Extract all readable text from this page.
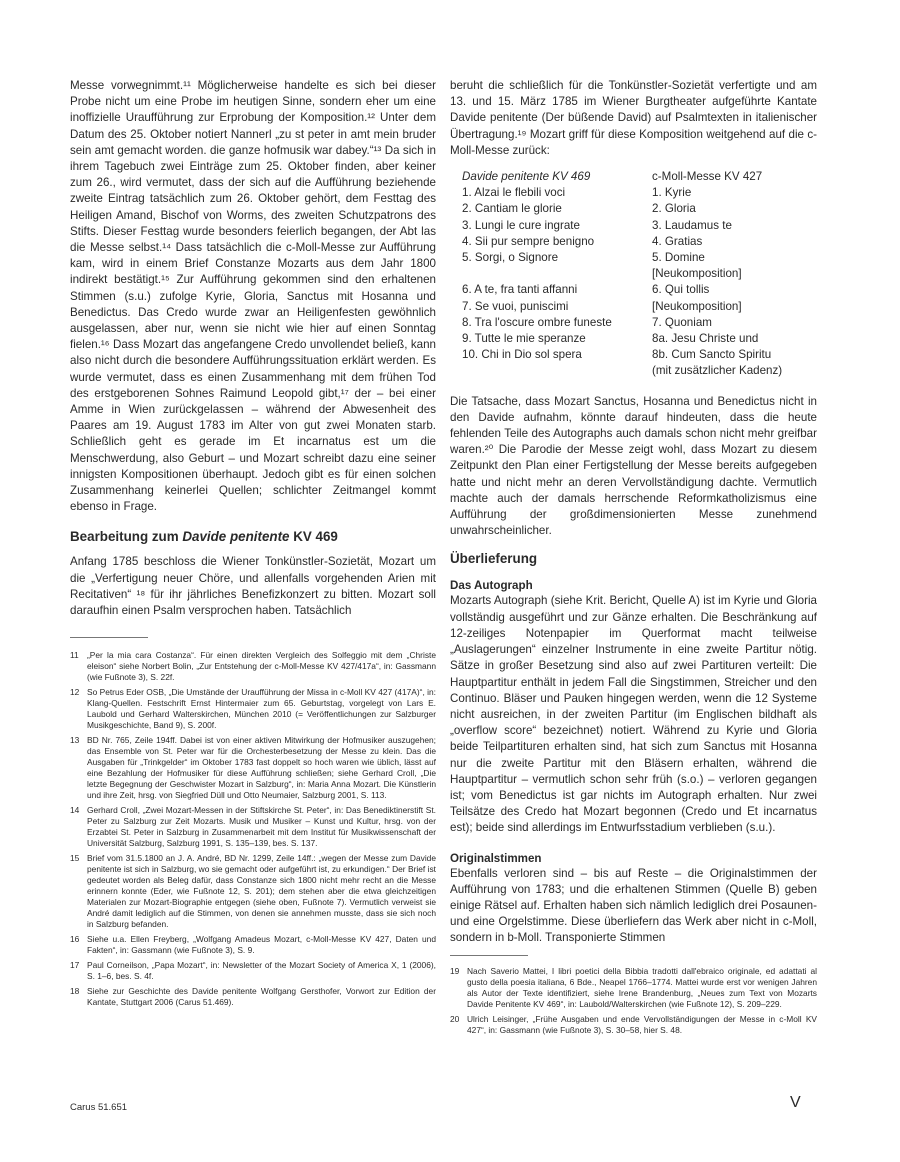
Messe vorwegnimmt.¹¹ Möglicherweise handelte es sich bei dieser Probe nicht um eine Probe im heutigen Sinne, sondern eher um eine inoffizielle Uraufführung zur Erprobung der Komposition.¹² Unter dem Datum des 25. Oktober notiert Nannerl „zu st peter in amt mein bruder sein amt gemacht worden. die ganze hofmusik war dabey.“¹³ Da sich in ihrem Tagebuch zwei Einträge zum 25. Oktober finden, aber keiner zum 26., wird vermutet, dass der sich auf die Aufführung beziehende zweite Eintrag tatsächlich zum 26. Oktober gehört, dem Festtag des Heiligen Amand, Bischof von Worms, des zweiten Schutzpatrons des Stifts. Dieser Festtag wurde besonders feierlich begangen, der Abt las die Messe selbst.¹⁴ Dass tatsächlich die c-Moll-Messe zur Aufführung kam, wird in einem Brief Constanze Mozarts aus dem Jahr 1800 indirekt bestätigt.¹⁵ Zur Aufführung gekommen sind den erhaltenen Stimmen (s.u.) zufolge Kyrie, Gloria, Sanctus mit Hosanna und Benedictus. Das Credo wurde zwar an Heiligenfesten gewöhnlich ausgelassen, aber nur, wenn sie nicht wie hier auf einen Sonntag fielen.¹⁶ Dass Mozart das angefangene Credo unvollendet beließ, kann also nicht durch die besondere Aufführungssituation erklärt werden. Es wurde vermutet, dass es einen Zusammenhang mit dem frühen Tod des erstgeborenen Sohnes Raimund Leopold gibt,¹⁷ der – bei einer Amme in Wien zurückgelassen – während der Abwesenheit des Paares am 19. August 1783 im Alter von gut zwei Monaten starb. Schließlich geht es gerade im Et incarnatus est um die Menschwerdung, also Geburt – und Mozart schreibt dazu eine seiner innigsten Kompositionen überhaupt. Jedoch gibt es für einen solchen Zusammenhang keinerlei Quellen; schlichter Zeitmangel kommt ebenso in Frage.

Bearbeitung zum Davide penitente KV 469

Anfang 1785 beschloss die Wiener Tonkünstler-Sozietät, Mozart um die „Verfertigung neuer Chöre, und allenfalls vorgehenden Arien mit Recitativen“ ¹⁸ für ihr jährliches Benefizkonzert zu bitten. Mozart soll daraufhin einen Psalm versprochen haben. Tatsächlich

11 „Per la mia cara Costanza“. Für einen direkten Vergleich des Solfeggio mit dem „Christe eleison“ siehe Norbert Bolin, „Zur Entstehung der c-Moll-Messe KV 427/417a“, in: Gassmann (wie Fußnote 3), S. 22f.
12 So Petrus Eder OSB, „Die Umstände der Uraufführung der Missa in c-Moll KV 427 (417A)“, in: Klang-Quellen. Festschrift Ernst Hintermaier zum 65. Geburtstag, vorgelegt von Lars E. Laubold und Gerhard Walterskirchen, München 2010 (= Veröffentlichungen zur Salzburger Musikgeschichte, Band 9), S. 200f.
13 BD Nr. 765, Zeile 194ff. Dabei ist von einer aktiven Mitwirkung der Hofmusiker auszugehen; das Ensemble von St. Peter war für die Orchesterbesetzung der Messe zu klein. Das die Ausgaben für „Trinkgelder“ im Oktober 1783 fast doppelt so hoch waren wie üblich, lässt auf eine Bezahlung der Hofmusiker für diese Aufführung schließen; siehe Gerhard Croll, „Die letzte Begegnung der Geschwister Mozart in Salzburg“, in: Maria Anna Mozart. Die Künstlerin und ihre Zeit, hrsg. von Siegfried Düll und Otto Neumaier, Salzburg 2001, S. 113.
14 Gerhard Croll, „Zwei Mozart-Messen in der Stiftskirche St. Peter“, in: Das Benediktinerstift St. Peter zu Salzburg zur Zeit Mozarts. Musik und Musiker – Kunst und Kultur, hrsg. von der Erzabtei St. Peter in Salzburg in Zusammenarbeit mit dem Institut für Musikwissenschaft der Universität Salzburg, Salzburg 1991, S. 135–139, bes. S. 137.
15 Brief vom 31.5.1800 an J. A. André, BD Nr. 1299, Zeile 14ff.: „wegen der Messe zum Davide penitente ist sich in Salzburg, wo sie gemacht oder aufgeführt ist, zu erkundigen.“ Der Brief ist gedeutet worden als Beleg dafür, dass Constanze sich 1800 nicht mehr recht an die Messe erinnern konnte (Eder, wie Fußnote 12, S. 201); dem stehen aber die etwa gleichzeitigen Materialen zur Mozart-Biographie entgegen (siehe oben, Fußnote 7). Vermutlich verweist sie André damit lediglich auf die Stimmen, von denen sie annehmen musste, dass sie sich noch in Salzburg befanden.
16 Siehe u.a. Ellen Freyberg, „Wolfgang Amadeus Mozart, c-Moll-Messe KV 427, Daten und Fakten“, in: Gassmann (wie Fußnote 3), S. 9.
17 Paul Corneilson, „Papa Mozart“, in: Newsletter of the Mozart Society of America X, 1 (2006), S. 1–6, bes. S. 4f.
18 Siehe zur Geschichte des Davide penitente Wolfgang Gersthofer, Vorwort zur Edition der Kantate, Stuttgart 2006 (Carus 51.469).

beruht die schließlich für die Tonkünstler-Sozietät verfertigte und am 13. und 15. März 1785 im Wiener Burgtheater aufgeführte Kantate Davide penitente (Der büßende David) auf Psalmtexten in italienischer Übertragung.¹⁹ Mozart griff für diese Komposition weitgehend auf die c-Moll-Messe zurück:

Davide penitente KV 469	c-Moll-Messe KV 427
1. Alzai le flebili voci	1. Kyrie
2. Cantiam le glorie	2. Gloria
3. Lungi le cure ingrate	3. Laudamus te
4. Sii pur sempre benigno	4. Gratias
5. Sorgi, o Signore	5. Domine
	[Neukomposition]
6. A te, fra tanti affanni	6. Qui tollis
7. Se vuoi, puniscimi	[Neukomposition]
8. Tra l'oscure ombre funeste	7. Quoniam
9. Tutte le mie speranze	8a. Jesu Christe und
10. Chi in Dio sol spera	8b. Cum Sancto Spiritu
	(mit zusätzlicher Kadenz)

Die Tatsache, dass Mozart Sanctus, Hosanna und Benedictus nicht in den Davide aufnahm, könnte darauf hindeuten, dass die heute fehlenden Teile des Autographs auch damals schon nicht mehr greifbar waren.²⁰ Die Parodie der Messe zeigt wohl, dass Mozart zu diesem Zeitpunkt den Plan einer Fertigstellung der Messe bereits aufgegeben hatte und nicht mehr an deren Vervollständigung dachte. Vermutlich machte auch der damals herrschende Reformkatholizismus eine Aufführung der großdimensionierten Messe zunehmend unwahrscheinlicher.

Überlieferung
Das Autograph

Mozarts Autograph (siehe Krit. Bericht, Quelle A) ist im Kyrie und Gloria vollständig ausgeführt und zur Gänze erhalten. Die Beschränkung auf 12-zeiliges Notenpapier im Querformat macht teilweise „Auslagerungen“ einzelner Instrumente in eine zweite Partitur nötig. Sätze in großer Besetzung sind also auf zwei Partituren verteilt: Die Hauptpartitur enthält in jedem Fall die Singstimmen, Streicher und den Continuo. Bläser und Pauken hingegen werden, wenn die 12 Systeme nicht ausreichen, in der zweiten Partitur (im Englischen bildhaft als „overflow score“ bezeichnet) notiert. Während zu Kyrie und Gloria beide Teilpartituren erhalten sind, hat sich zum Sanctus mit Hosanna nur die zweite Partitur mit den Bläsern erhalten, während die Hauptpartitur – vermutlich schon sehr früh (s.o.) – verloren gegangen ist; vom Benedictus ist gar nichts im Autograph erhalten. Nur zwei Teilsätze des Credo hat Mozart begonnen (Credo und Et incarnatus est); beide sind allerdings im Entwurfsstadium verblieben (s.u.).

Originalstimmen

Ebenfalls verloren sind – bis auf Reste – die Originalstimmen der Aufführung von 1783; und die erhaltenen Stimmen (Quelle B) geben einige Rätsel auf. Erhalten haben sich nämlich lediglich drei Posaunen- und eine Orgelstimme. Diese überliefern das Werk aber nicht in c-Moll, sondern in b-Moll. Transponierte Stimmen

19 Nach Saverio Mattei, I libri poetici della Bibbia tradotti dall'ebraico originale, ed adattati al gusto della poesia italiana, 6 Bde., Neapel 1766–1774. Mattei wurde erst vor wenigen Jahren als Autor der Texte identifiziert, siehe Irene Brandenburg, „Neues zum Text von Mozarts Davide Penitente KV 469“, in: Laubold/Walterskirchen (wie Fußnote 12), S. 209–229.
20 Ulrich Leisinger, „Frühe Ausgaben und ende Vervollständigungen der Messe in c-Moll KV 427“, in: Gassmann (wie Fußnote 3), S. 30–58, hier S. 48.
Carus 51.651	V
